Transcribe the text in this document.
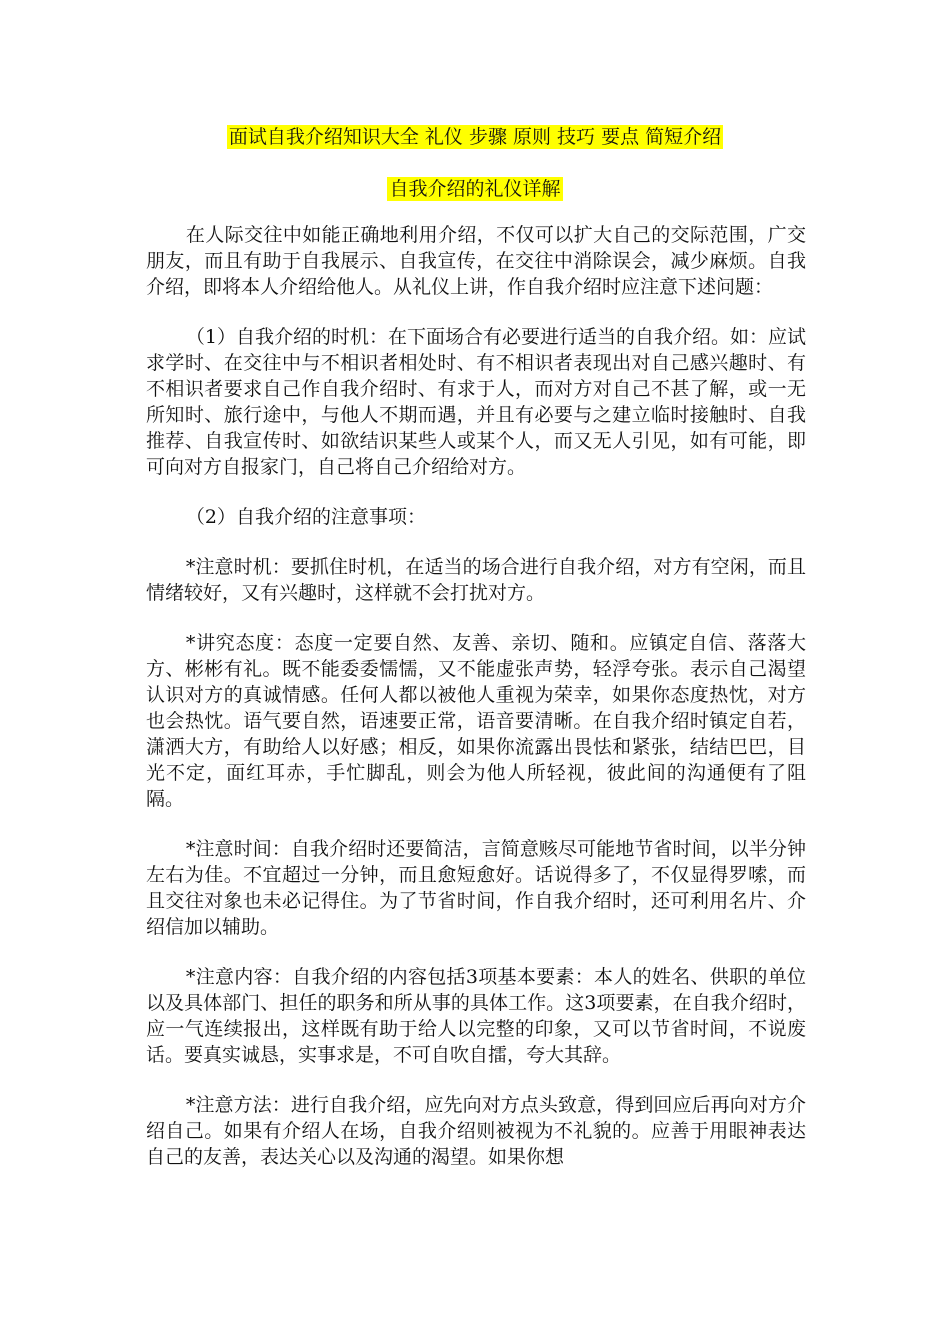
面试自我介绍知识大全 礼仪 步骤 原则 技巧 要点 简短介绍
自我介绍的礼仪详解

在人际交往中如能正确地利用介绍，不仅可以扩大自己的交际范围，广交朋友，而且有助于自我展示、自我宣传，在交往中消除误会，减少麻烦。自我介绍，即将本人介绍给他人。从礼仪上讲，作自我介绍时应注意下述问题：

（1）自我介绍的时机：在下面场合有必要进行适当的自我介绍。如：应试求学时、在交往中与不相识者相处时、有不相识者表现出对自己感兴趣时、有不相识者要求自己作自我介绍时、有求于人，而对方对自己不甚了解，或一无所知时、旅行途中，与他人不期而遇，并且有必要与之建立临时接触时、自我推荐、自我宣传时、如欲结识某些人或某个人，而又无人引见，如有可能，即可向对方自报家门，自己将自己介绍给对方。

（2）自我介绍的注意事项：

*注意时机：要抓住时机，在适当的场合进行自我介绍，对方有空闲，而且情绪较好，又有兴趣时，这样就不会打扰对方。

*讲究态度：态度一定要自然、友善、亲切、随和。应镇定自信、落落大方、彬彬有礼。既不能委委懦懦，又不能虚张声势，轻浮夸张。表示自己渴望认识对方的真诚情感。任何人都以被他人重视为荣幸，如果你态度热忱，对方也会热忱。语气要自然，语速要正常，语音要清晰。在自我介绍时镇定自若，潇洒大方，有助给人以好感；相反，如果你流露出畏怯和紧张，结结巴巴，目光不定，面红耳赤，手忙脚乱，则会为他人所轻视，彼此间的沟通便有了阻隔。

*注意时间：自我介绍时还要简洁，言简意赅尽可能地节省时间，以半分钟左右为佳。不宜超过一分钟，而且愈短愈好。话说得多了，不仅显得罗嗦，而且交往对象也未必记得住。为了节省时间，作自我介绍时，还可利用名片、介绍信加以辅助。

*注意内容：自我介绍的内容包括3项基本要素：本人的姓名、供职的单位以及具体部门、担任的职务和所从事的具体工作。这3项要素，在自我介绍时，应一气连续报出，这样既有助于给人以完整的印象，又可以节省时间，不说废话。要真实诚恳，实事求是，不可自吹自擂，夸大其辞。

*注意方法：进行自我介绍，应先向对方点头致意，得到回应后再向对方介绍自己。如果有介绍人在场，自我介绍则被视为不礼貌的。应善于用眼神表达自己的友善，表达关心以及沟通的渴望。如果你想
